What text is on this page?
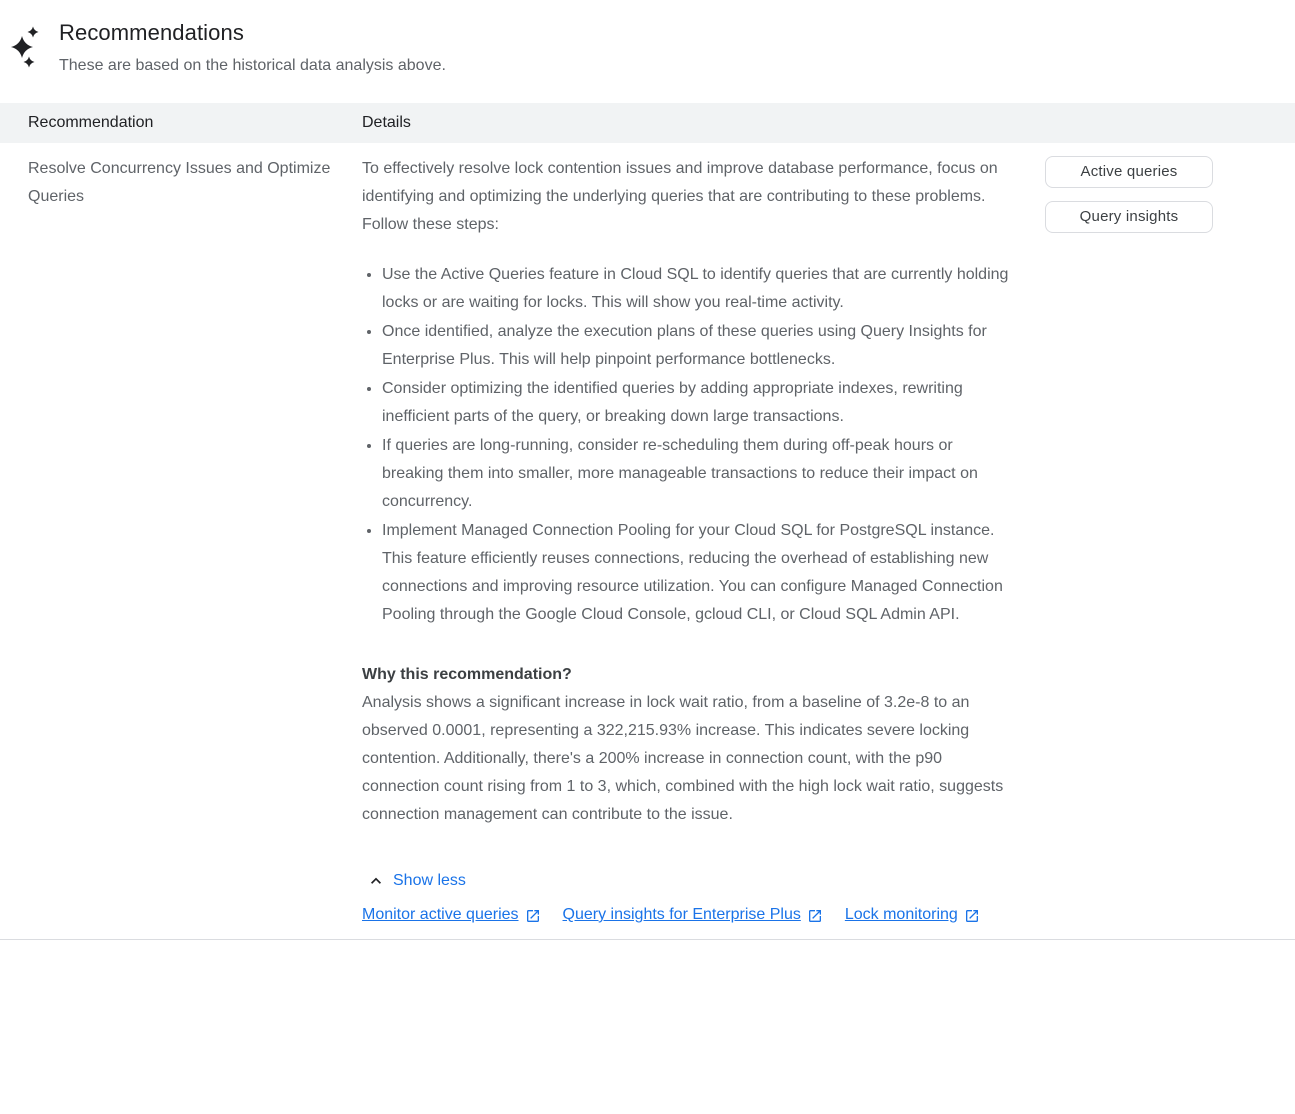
Recommendations

These are based on the historical data analysis above.

Recommendation	Details
Resolve Concurrency Issues and Optimize Queries

To effectively resolve lock contention issues and improve database performance, focus on identifying and optimizing the underlying queries that are contributing to these problems. Follow these steps:

• Use the Active Queries feature in Cloud SQL to identify queries that are currently holding locks or are waiting for locks. This will show you real-time activity.
• Once identified, analyze the execution plans of these queries using Query Insights for Enterprise Plus. This will help pinpoint performance bottlenecks.
• Consider optimizing the identified queries by adding appropriate indexes, rewriting inefficient parts of the query, or breaking down large transactions.
• If queries are long-running, consider re-scheduling them during off-peak hours or breaking them into smaller, more manageable transactions to reduce their impact on concurrency.
• Implement Managed Connection Pooling for your Cloud SQL for PostgreSQL instance. This feature efficiently reuses connections, reducing the overhead of establishing new connections and improving resource utilization. You can configure Managed Connection Pooling through the Google Cloud Console, gcloud CLI, or Cloud SQL Admin API.

Why this recommendation?

Analysis shows a significant increase in lock wait ratio, from a baseline of 3.2e-8 to an observed 0.0001, representing a 322,215.93% increase. This indicates severe locking contention. Additionally, there's a 200% increase in connection count, with the p90 connection count rising from 1 to 3, which, combined with the high lock wait ratio, suggests connection management can contribute to the issue.

Show less
Monitor active queries	Query insights for Enterprise Plus	Lock monitoring
Active queries
Query insights
